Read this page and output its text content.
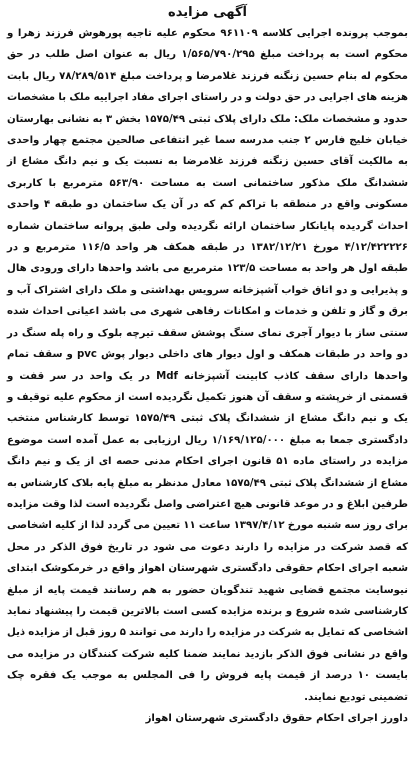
آگهی مزایده

بموجب پرونده اجرایی کلاسه ۹۶۱۱۰۹ محکوم علیه تاجیه پورهوش فرزند زهرا و محکوم است به پرداخت مبلغ ۱/۵۶۵/۷۹۰/۲۹۵ ریال به عنوان اصل طلب در حق محکوم له بنام حسین زنگنه فرزند غلامرضا و پرداخت مبلغ ۷۸/۲۸۹/۵۱۴ ریال بابت هزینه های اجرایی در حق دولت و در راستای اجرای مفاد اجراییه ملک با مشخصات حدود و مشخصات ملک: ملک دارای پلاک ثبتی ۱۵۷۵/۴۹ بخش ۳ به نشانی بهارستان خیابان خلیج فارس ۲ جنب مدرسه سما غیر انتفاعی صالحین مجتمع چهار واحدی به مالکیت آقای حسین زنگنه فرزند غلامرضا به نسبت یک و نیم دانگ مشاع از ششدانگ ملک مذکور ساختمانی است به مساحت ۵۶۳/۹۰ مترمربع با کاربری مسکونی واقع در منطقه با تراکم کم که در آن یک ساختمان دو طبقه ۴ واحدی احداث گردیده پایانکار ساختمان ارائه نگردیده ولی طبق پروانه ساختمان شماره ۴/۱۲/۴۲۲۲۲۶ مورخ ۱۳۸۲/۱۲/۲۱ در طبقه همکف هر واحد ۱۱۶/۵ مترمربع و در طبقه اول هر واحد به مساحت ۱۲۳/۵ مترمربع می باشد واحدها دارای ورودی هال و پذیرایی و دو اتاق خواب آشپزخانه سرویس بهداشتی و ملک دارای اشتراک آب و برق و گاز و تلفن و خدمات و امکانات رفاهی شهری می باشد اعیانی احداث شده سنتی ساز با دیوار آجری نمای سنگ پوشش سقف تیرچه بلوک و راه پله سنگ در دو واحد در طبقات همکف و اول دیوار های داخلی دیوار پوش pvc و سقف تمام واحدها دارای سقف کاذب کابینت آشپزخانه Mdf در یک واحد در سر قفت و قسمتی از خرپشته و سقف آن هنوز تکمیل نگردیده است از محکوم علیه توقیف و یک و نیم دانگ مشاع از ششدانگ پلاک ثبتی ۱۵۷۵/۴۹ توسط کارشناس منتخب دادگستری جمعا به مبلغ ۱/۱۶۹/۱۲۵/۰۰۰ ریال ارزیابی به عمل آمده است موضوع مزایده در راستای ماده ۵۱ قانون اجرای احکام مدنی حصه ای از یک و نیم دانگ مشاع از ششدانگ پلاک ثبتی ۱۵۷۵/۴۹ معادل مدنظر به مبلغ پایه بلاک کارشناس به طرفین ابلاغ و در موعد قانونی هیچ اعتراضی واصل نگردیده است لذا وقت مزایده برای روز سه شنبه مورخ ۱۳۹۷/۴/۱۲ ساعت ۱۱ تعیین می گردد لذا از کلیه اشخاصی که قصد شرکت در مزایده را دارند دعوت می شود در تاریخ فوق الذکر در محل شعبه اجرای احکام حقوقی دادگستری شهرستان اهواز واقع در خرمکوشک ابتدای نیوسایت مجتمع قضایی شهید تندگویان حضور به هم رسانند قیمت پایه از مبلغ کارشناسی شده شروع و برنده مزایده کسی است بالاترین قیمت را پیشنهاد نماید اشخاصی که تمایل به شرکت در مزایده را دارند می توانند ۵ روز قبل از مزایده ذیل واقع در نشانی فوق الذکر بازدید نمایند ضمنا کلیه شرکت کنندگان در مزایده می بایست ۱۰ درصد از قیمت پایه فروش را فی المجلس به موجب یک فقره چک تضمینی تودیع نمایند.

داورز اجرای احکام حقوق دادگستری شهرستان اهواز
